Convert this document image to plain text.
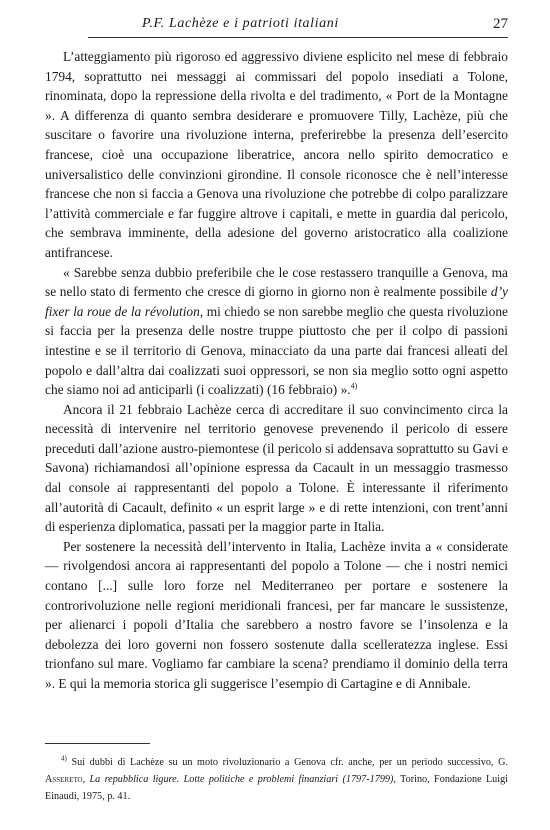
P.F. Lachèze e i patrioti italiani	27

L’atteggiamento più rigoroso ed aggressivo diviene esplicito nel mese di febbraio 1794, soprattutto nei messaggi ai commissari del popolo insediati a Tolone, rinominata, dopo la repressione della rivolta e del tradimento, « Port de la Montagne ». A differenza di quanto sembra desiderare e promuovere Tilly, Lachèze, più che suscitare o favorire una rivoluzione interna, preferirebbe la presenza dell’esercito francese, cioè una occupazione liberatrice, ancora nello spirito democratico e universalistico delle convinzioni girondine. Il console riconosce che è nell’interesse francese che non si faccia a Genova una rivoluzione che potrebbe di colpo paralizzare l’attività commerciale e far fuggire altrove i capitali, e mette in guardia dal pericolo, che sembrava imminente, della adesione del governo aristocratico alla coalizione antifrancese.

« Sarebbe senza dubbio preferibile che le cose restassero tranquille a Genova, ma se nello stato di fermento che cresce di giorno in giorno non è realmente possibile d’y fixer la roue de la révolution, mi chiedo se non sarebbe meglio che questa rivoluzione si faccia per la presenza delle nostre truppe piuttosto che per il colpo di passioni intestine e se il territorio di Genova, minacciato da una parte dai francesi alleati del popolo e dall’altra dai coalizzati suoi oppressori, se non sia meglio sotto ogni aspetto che siamo noi ad anticiparli (i coalizzati) (16 febbraio) ».$^{4)}$

Ancora il 21 febbraio Lachèze cerca di accreditare il suo convincimento circa la necessità di intervenire nel territorio genovese prevenendo il pericolo di essere preceduti dall’azione austro-piemontese (il pericolo si addensava soprattutto su Gavi e Savona) richiamandosi all’opinione espressa da Cacault in un messaggio trasmesso dal console ai rappresentanti del popolo a Tolone. È interessante il riferimento all’autorità di Cacault, definito « un esprit large » e di rette intenzioni, con trent’anni di esperienza diplomatica, passati per la maggior parte in Italia.

Per sostenere la necessità dell’intervento in Italia, Lachèze invita a « considerate — rivolgendosi ancora ai rappresentanti del popolo a Tolone — che i nostri nemici contano [...] sulle loro forze nel Mediterraneo per portare e sostenere la controrivoluzione nelle regioni meridionali francesi, per far mancare le sussistenze, per alienarci i popoli d’Italia che sarebbero a nostro favore se l’insolenza e la debolezza dei loro governi non fossero sostenute dalla scelleratezza inglese. Essi trionfano sul mare. Vogliamo far cambiare la scena? prendiamo il dominio della terra ». E qui la memoria storica gli suggerisce l’esempio di Cartagine e di Annibale.

$^{4)}$ Sui dubbi di Lachèze su un moto rivoluzionario a Genova cfr. anche, per un periodo successivo, G. Assereto, La repubblica ligure. Lotte politiche e problemi finanziari (1797-1799), Torino, Fondazione Luigi Einaudi, 1975, p. 41.
